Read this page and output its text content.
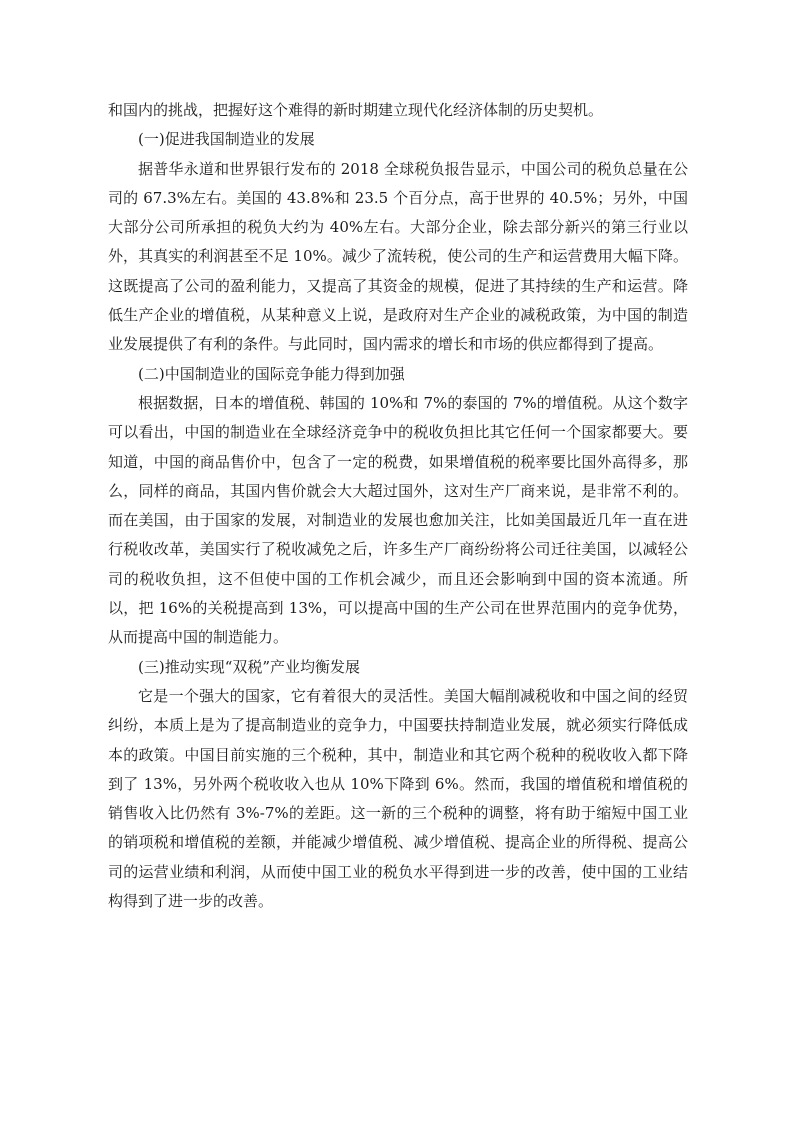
和国内的挑战，把握好这个难得的新时期建立现代化经济体制的历史契机。

(一)促进我国制造业的发展

据普华永道和世界银行发布的 2018 全球税负报告显示，中国公司的税负总量在公司的 67.3%左右。美国的 43.8%和 23.5 个百分点，高于世界的 40.5%；另外，中国大部分公司所承担的税负大约为 40%左右。大部分企业，除去部分新兴的第三行业以外，其真实的利润甚至不足 10%。减少了流转税，使公司的生产和运营费用大幅下降。这既提高了公司的盈利能力，又提高了其资金的规模，促进了其持续的生产和运营。降低生产企业的增值税，从某种意义上说，是政府对生产企业的减税政策，为中国的制造业发展提供了有利的条件。与此同时，国内需求的增长和市场的供应都得到了提高。

(二)中国制造业的国际竞争能力得到加强

根据数据，日本的增值税、韩国的 10%和 7%的泰国的 7%的增值税。从这个数字可以看出，中国的制造业在全球经济竞争中的税收负担比其它任何一个国家都要大。要知道，中国的商品售价中，包含了一定的税费，如果增值税的税率要比国外高得多，那么，同样的商品，其国内售价就会大大超过国外，这对生产厂商来说，是非常不利的。而在美国，由于国家的发展，对制造业的发展也愈加关注，比如美国最近几年一直在进行税收改革，美国实行了税收减免之后，许多生产厂商纷纷将公司迁往美国，以减轻公司的税收负担，这不但使中国的工作机会减少，而且还会影响到中国的资本流通。所以，把 16%的关税提高到 13%，可以提高中国的生产公司在世界范围内的竞争优势，从而提高中国的制造能力。

(三)推动实现“双税”产业均衡发展

它是一个强大的国家，它有着很大的灵活性。美国大幅削减税收和中国之间的经贸纠纷，本质上是为了提高制造业的竞争力，中国要扶持制造业发展，就必须实行降低成本的政策。中国目前实施的三个税种，其中，制造业和其它两个税种的税收收入都下降到了 13%，另外两个税收收入也从 10%下降到 6%。然而，我国的增值税和增值税的销售收入比仍然有 3%-7%的差距。这一新的三个税种的调整，将有助于缩短中国工业的销项税和增值税的差额，并能减少增值税、减少增值税、提高企业的所得税、提高公司的运营业绩和利润，从而使中国工业的税负水平得到进一步的改善，使中国的工业结构得到了进一步的改善。
